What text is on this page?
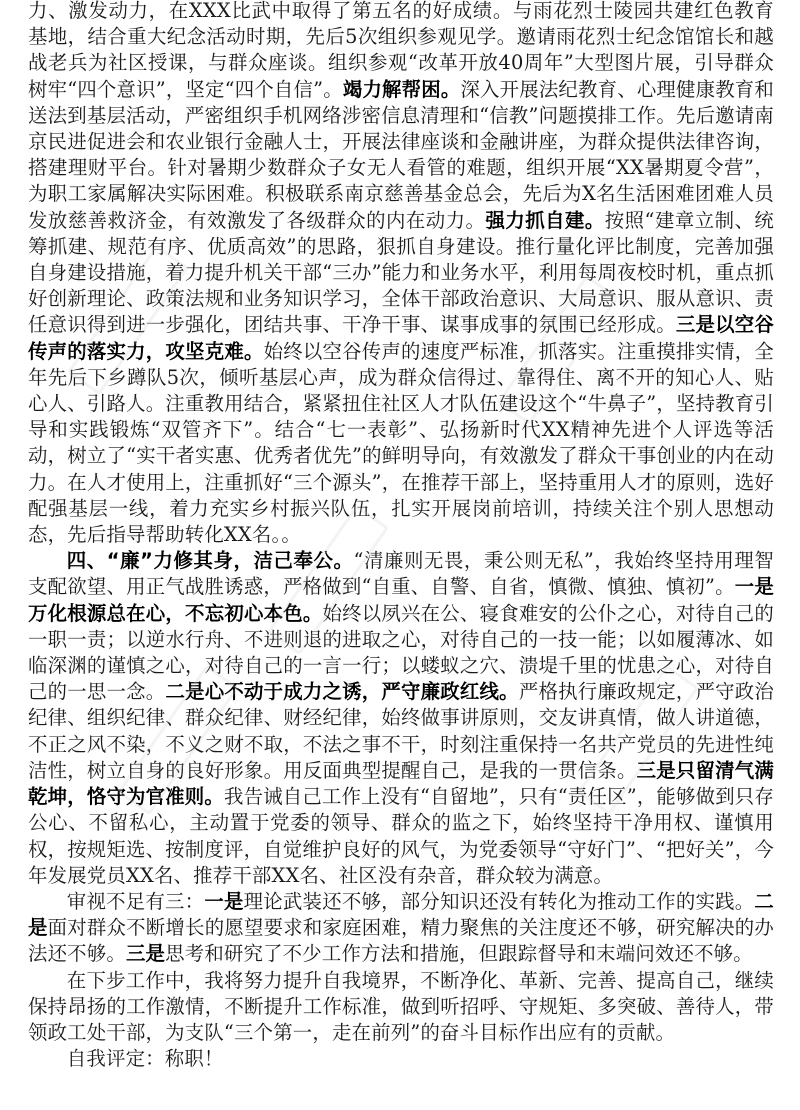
力、激发动力，在XXX比武中取得了第五名的好成绩。与雨花烈士陵园共建红色教育基地，结合重大纪念活动时期，先后5次组织参观见学。邀请雨花烈士纪念馆馆长和越战老兵为社区授课，与群众座谈。组织参观“改革开放40周年”大型图片展，引导群众树牢“四个意识”，坚定“四个自信”。竭力解帮困。深入开展法纪教育、心理健康教育和送法到基层活动，严密组织手机网络涉密信息清理和“信教”问题摸排工作。先后邀请南京民进促进会和农业银行金融人士，开展法律座谈和金融讲座，为群众提供法律咨询，搭建理财平台。针对暑期少数群众子女无人看管的难题，组织开展“XX暑期夏令营”，为职工家属解决实际困难。积极联系南京慈善基金总会，先后为X名生活困难团难人员发放慈善救济金，有效激发了各级群众的内在动力。强力抓自建。按照“建章立制、统筹抓建、规范有序、优质高效”的思路，狠抓自身建设。推行量化评比制度，完善加强自身建设措施，着力提升机关干部“三办”能力和业务水平，利用每周夜校时机，重点抓好创新理论、政策法规和业务知识学习，全体干部政治意识、大局意识、服从意识、责任意识得到进一步强化，团结共事、干净干事、谋事成事的氛围已经形成。三是以空谷传声的落实力，攻坚克难。始终以空谷传声的速度严标准，抓落实。注重摸排实情，全年先后下乡蹲队5次，倾听基层心声，成为群众信得过、靠得住、离不开的知心人、贴心人、引路人。注重教用结合，紧紧扭住社区人才队伍建设这个“牛鼻子”，坚持教育引导和实践锻炼“双管齐下”。结合“七一表彰”、弘扬新时代XX精神先进个人评选等活动，树立了“实干者实惠、优秀者优先”的鲜明导向，有效激发了群众干事创业的内在动力。在人才使用上，注重抓好“三个源头”，在推荐干部上，坚持重用人才的原则，选好配强基层一线，着力充实乡村振兴队伍，扎实开展岗前培训，持续关注个别人思想动态，先后指导帮助转化XX名。。

四、“廉”力修其身，洁己奉公。“清廉则无畏，秉公则无私”，我始终坚持用理智支配欲望、用正气战胜诱惑，严格做到“自重、自警、自省，慎微、慎独、慎初”。一是万化根源总在心，不忘初心本色。始终以夙兴在公、寝食难安的公仆之心，对待自己的一职一责；以逆水行舟、不进则退的进取之心，对待自己的一技一能；以如履薄冰、如临深渊的谨慎之心，对待自己的一言一行；以蝼蚁之穴、溃堤千里的忧患之心，对待自己的一思一念。二是心不动于成力之诱，严守廉政红线。严格执行廉政规定，严守政治纪律、组织纪律、群众纪律、财经纪律，始终做事讲原则，交友讲真情，做人讲道德，不正之风不染，不义之财不取，不法之事不干，时刻注重保持一名共产党员的先进性纯洁性，树立自身的良好形象。用反面典型提醒自己，是我的一贯信条。三是只留清气满乾坤，恪守为官准则。我告诫自己工作上没有“自留地”，只有“责任区”，能够做到只存公心、不留私心，主动置于党委的领导、群众的监之下，始终坚持干净用权、谨慎用权，按规矩选、按制度评，自觉维护良好的风气，为党委领导“守好门”、“把好关”，今年发展党员XX名、推荐干部XX名、社区没有杂音，群众较为满意。

审视不足有三：一是理论武装还不够，部分知识还没有转化为推动工作的实践。二是面对群众不断增长的愿望要求和家庭困难，精力聚焦的关注度还不够，研究解决的办法还不够。三是思考和研究了不少工作方法和措施，但跟踪督导和末端问效还不够。

在下步工作中，我将努力提升自我境界，不断净化、革新、完善、提高自己，继续保持昂扬的工作激情，不断提升工作标准，做到听招呼、守规矩、多突破、善待人，带领政工处干部，为支队“三个第一，走在前列”的奋斗目标作出应有的贡献。

自我评定：称职！
